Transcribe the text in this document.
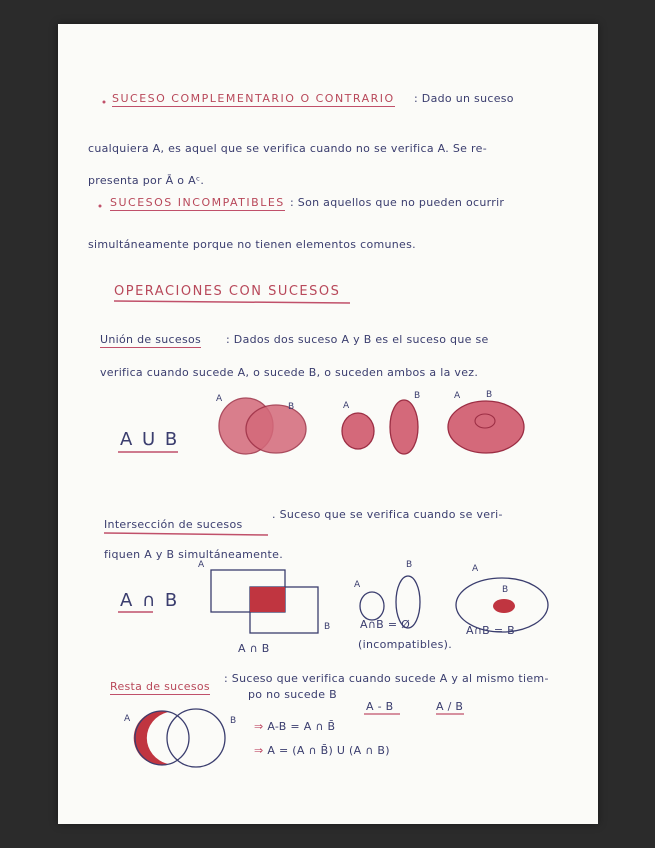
SUCESO COMPLEMENTARIO O CONTRARIO : Dado un suceso
cualquiera A, es aquel que se verifica cuando no se verifica A. Se re-
presenta por Ā o Aᶜ.
SUCESOS INCOMPATIBLES : Son aquellos que no pueden ocurrir
simultáneamente porque no tienen elementos comunes.
OPERACIONES CON SUCESOS
Unión de sucesos : Dados dos suceso A y B es el suceso que se
verifica cuando sucede A, o sucede B, o suceden ambos a la vez.
A U B
A
B	A
B	B
A
Intersección de sucesos
. Suceso que se verifica cuando se veri-
fiquen A y B simultáneamente.
A ∩ B
A
B
A ∩ B
B
A
A∩B = Ø
(incompatibles).
A
B
A∩B = B
Resta de sucesos
: Suceso que verifica cuando sucede A y al mismo tiem-
po no sucede B
A - B	A / B
A	B ⇒ A-B = A ∩ B̄
⇒ A = (A ∩ B̄) U (A ∩ B)
